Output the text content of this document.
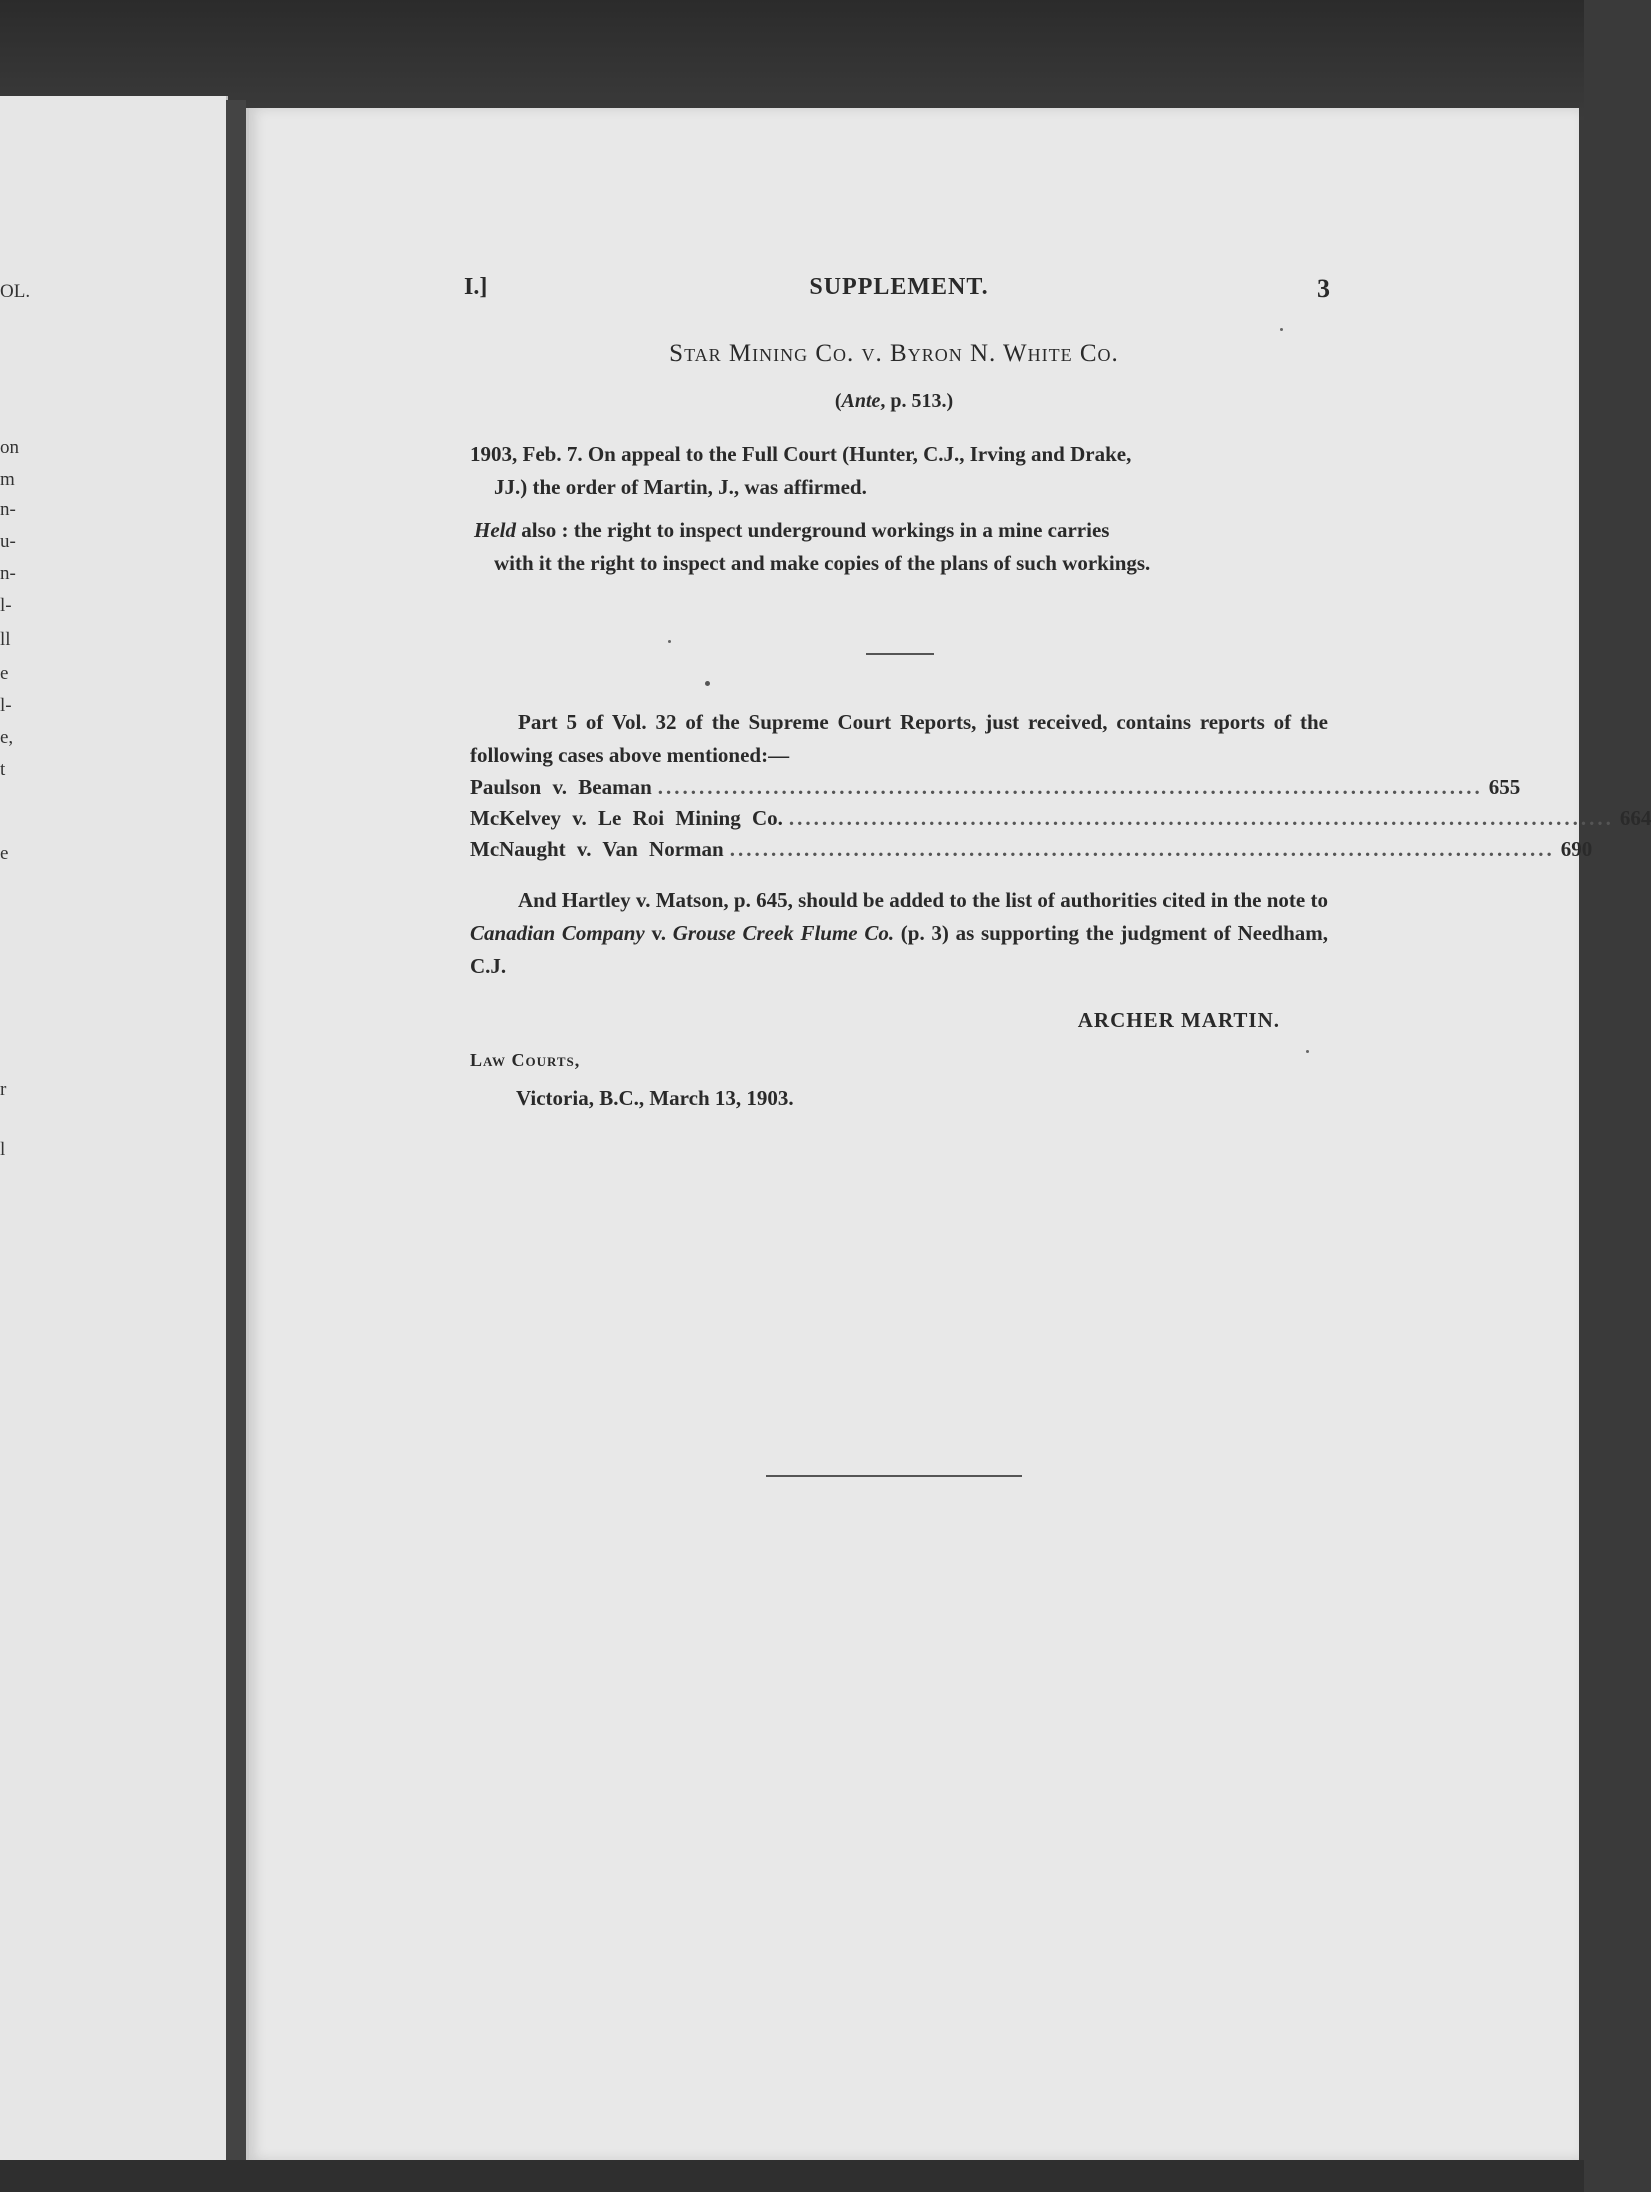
OL.
on
m
n-
u-
n-
l-
ll
e
l-
e,
t
e
r
l
I.]	SUPPLEMENT.	3
Star Mining Co. v. Byron N. White Co.
(Ante, p. 513.)
1903, Feb. 7. On appeal to the Full Court (Hunter, C.J., Irving and Drake,
JJ.) the order of Martin, J., was affirmed.
Held also : the right to inspect underground workings in a mine carries
with it the right to inspect and make copies of the plans of such workings.
Part 5 of Vol. 32 of the Supreme Court Reports, just received, contains reports of the following cases above mentioned:—
Paulson v. Beaman .................................................................................................... 655
McKelvey v. Le Roi Mining Co. .................................................................................................... 664
McNaught v. Van Norman .................................................................................................... 690
And Hartley v. Matson, p. 645, should be added to the list of authorities cited in the note to Canadian Company v. Grouse Creek Flume Co. (p. 3) as supporting the judgment of Needham, C.J.
ARCHER MARTIN.
Law Courts,
Victoria, B.C., March 13, 1903.
